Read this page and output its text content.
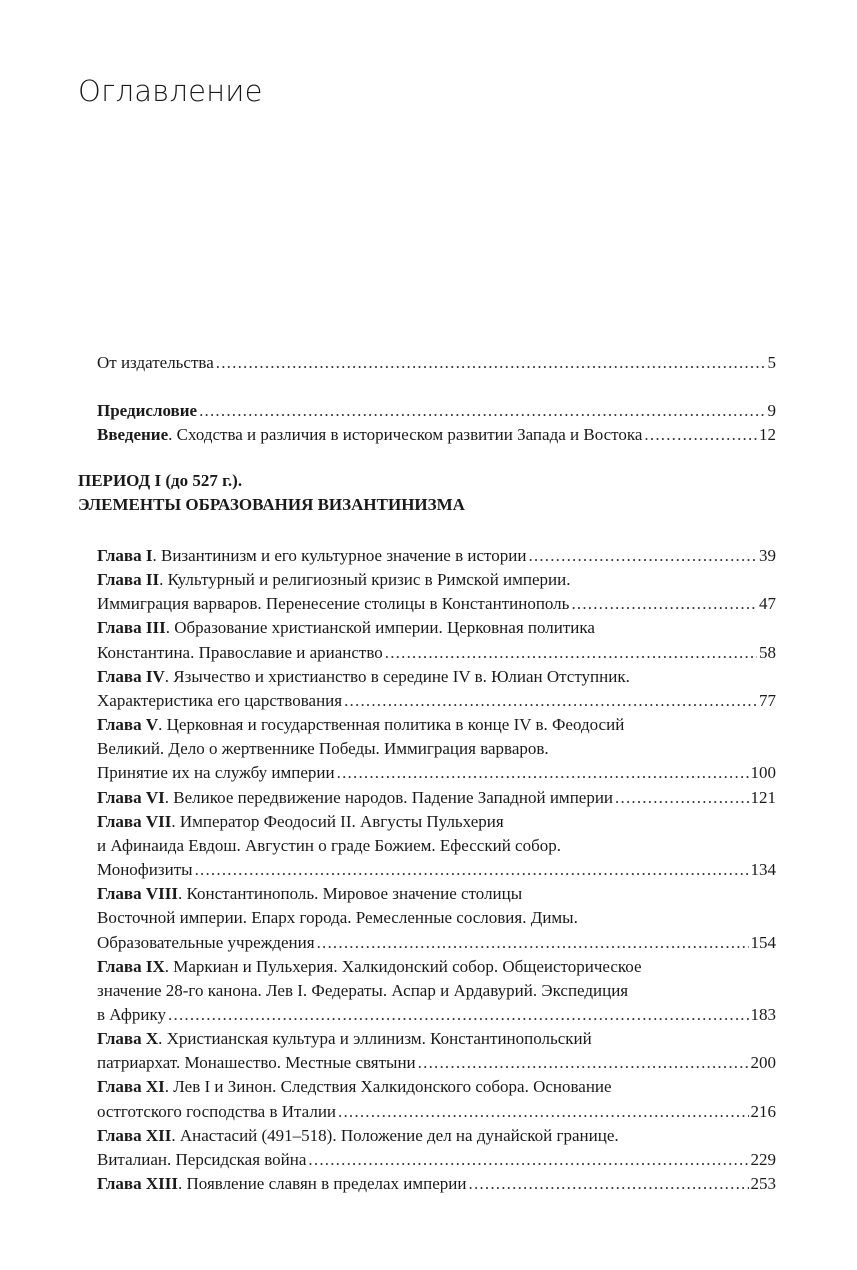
Оглавление
От издательства .....	5
Предисловие .....	9
Введение. Сходства и различия в историческом развитии Запада и Востока .....	12
ПЕРИОД I (до 527 г.).
ЭЛЕМЕНТЫ ОБРАЗОВАНИЯ ВИЗАНТИНИЗМА
Глава I. Византинизм и его культурное значение в истории .....	39
Глава II. Культурный и религиозный кризис в Римской империи.
Иммиграция варваров. Перенесение столицы в Константинополь .....	47
Глава III. Образование христианской империи. Церковная политика
Константина. Православие и арианство .....	58
Глава IV. Язычество и христианство в середине IV в. Юлиан Отступник.
Характеристика его царствования .....	77
Глава V. Церковная и государственная политика в конце IV в. Феодосий
Великий. Дело о жертвеннике Победы. Иммиграция варваров.
Принятие их на службу империи .....	100
Глава VI. Великое передвижение народов. Падение Западной империи .....	121
Глава VII. Император Феодосий II. Августы Пульхерия
и Афинаида Евдош. Августин о граде Божием. Ефесский собор.
Монофизиты .....	134
Глава VIII. Константинополь. Мировое значение столицы
Восточной империи. Епарх города. Ремесленные сословия. Димы.
Образовательные учреждения .....	154
Глава IX. Маркиан и Пульхерия. Халкидонский собор. Общеисторическое
значение 28-го канона. Лев I. Федераты. Аспар и Ардавурий. Экспедиция
в Африку .....	183
Глава X. Христианская культура и эллинизм. Константинопольский
патриархат. Монашество. Местные святыни .....	200
Глава XI. Лев I и Зинон. Следствия Халкидонского собора. Основание
остготского господства в Италии .....	216
Глава XII. Анастасий (491–518). Положение дел на дунайской границе.
Виталиан. Персидская война .....	229
Глава XIII. Появление славян в пределах империи .....	253
